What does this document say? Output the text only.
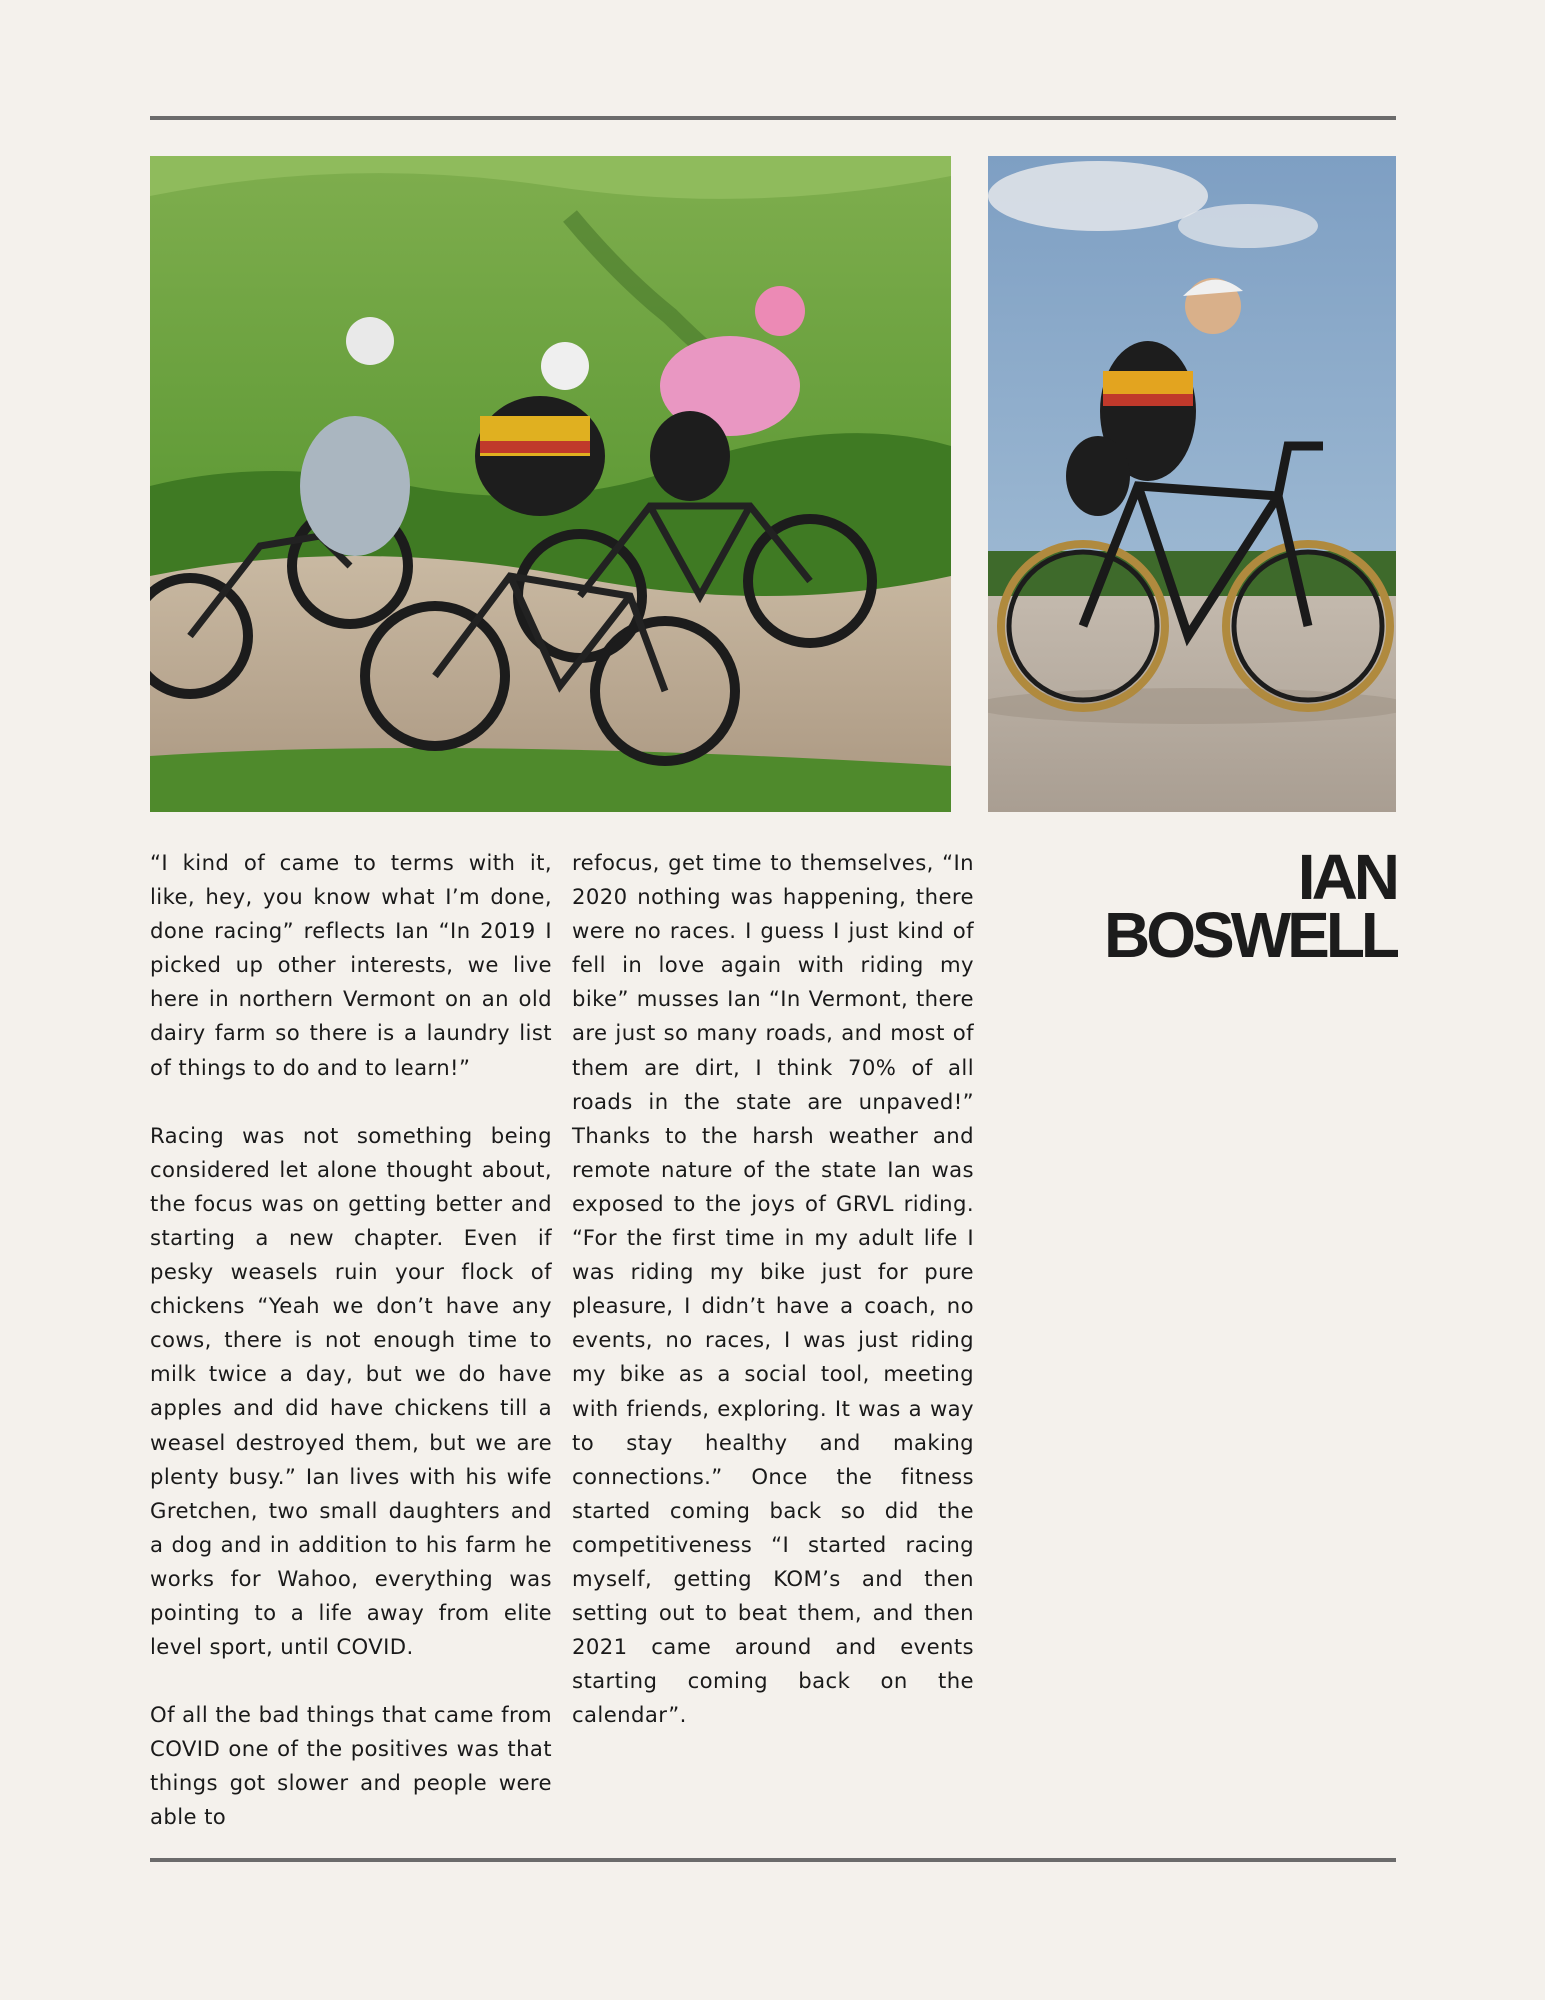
“I kind of came to terms with it, like, hey, you know what I’m done, done racing” reflects Ian “In 2019 I picked up other interests, we live here in northern Vermont on an old dairy farm so there is a laundry list of things to do and to learn!”

Racing was not something being considered let alone thought about, the focus was on getting better and starting a new chapter. Even if pesky weasels ruin your flock of chickens “Yeah we don’t have any cows, there is not enough time to milk twice a day, but we do have apples and did have chickens till a weasel destroyed them, but we are plenty busy.” Ian lives with his wife Gretchen, two small daughters and a dog and in addition to his farm he works for Wahoo, everything was pointing to a life away from elite level sport, until COVID.

Of all the bad things that came from COVID one of the positives was that things got slower and people were able to

refocus, get time to themselves, “In 2020 nothing was happening, there were no races. I guess I just kind of fell in love again with riding my bike” musses Ian “In Vermont, there are just so many roads, and most of them are dirt, I think 70% of all roads in the state are unpaved!” Thanks to the harsh weather and remote nature of the state Ian was exposed to the joys of GRVL riding. “For the first time in my adult life I was riding my bike just for pure pleasure, I didn’t have a coach, no events, no races, I was just riding my bike as a social tool, meeting with friends, exploring. It was a way to stay healthy and making connections.” Once the fitness started coming back so did the competitiveness “I started racing myself, getting KOM’s and then setting out to beat them, and then 2021 came around and events starting coming back on the calendar”.

IAN
BOSWELL
